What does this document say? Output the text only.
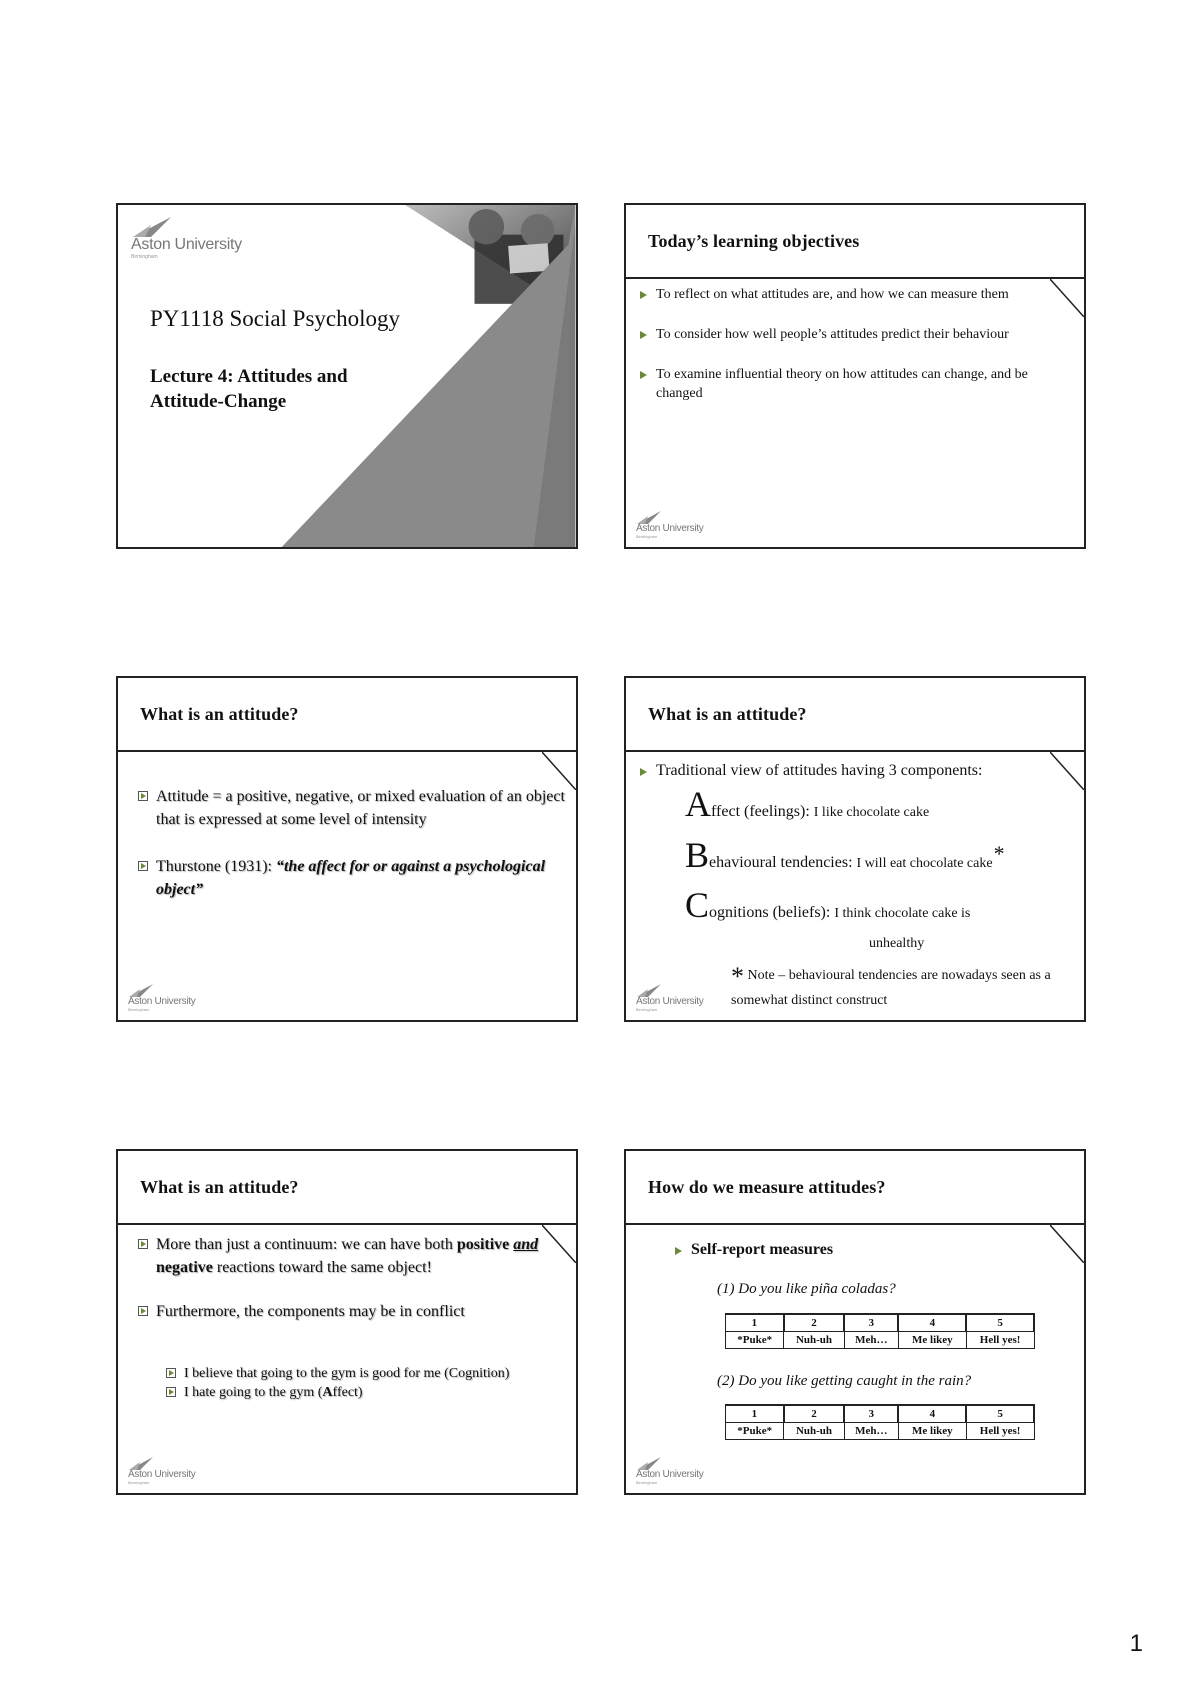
Aston University
Birmingham
PY1118 Social Psychology
Lecture 4: Attitudes and Attitude-Change
Today’s learning objectives
To reflect on what attitudes are, and how we can measure them
To consider how well people’s attitudes predict their behaviour
To examine influential theory on how attitudes can change, and be changed
Aston University
Birmingham
What is an attitude?
Attitude = a positive, negative, or mixed evaluation of an object that is expressed at some level of intensity
Thurstone (1931): “the affect for or against a psychological object”
Aston University
Birmingham
What is an attitude?
Traditional view of attitudes having 3 components:
Affect (feelings): I like chocolate cake
Behavioural tendencies: I will eat chocolate cake*
Cognitions (beliefs): I think chocolate cake is
unhealthy
* Note – behavioural tendencies are nowadays seen as a somewhat distinct construct
Aston University
Birmingham
What is an attitude?
More than just a continuum: we can have both positive and negative reactions toward the same object!
Furthermore, the components may be in conflict
I believe that going to the gym is good for me (Cognition)
I hate going to the gym (Affect)
Aston University
Birmingham
How do we measure attitudes?
Self-report measures
(1) Do you like piña coladas?
1	2	3	4	5
*Puke*	Nuh-uh	Meh…	Me likey	Hell yes!
(2) Do you like getting caught in the rain?
1	2	3	4	5
*Puke*	Nuh-uh	Meh…	Me likey	Hell yes!
Aston University
Birmingham
1
